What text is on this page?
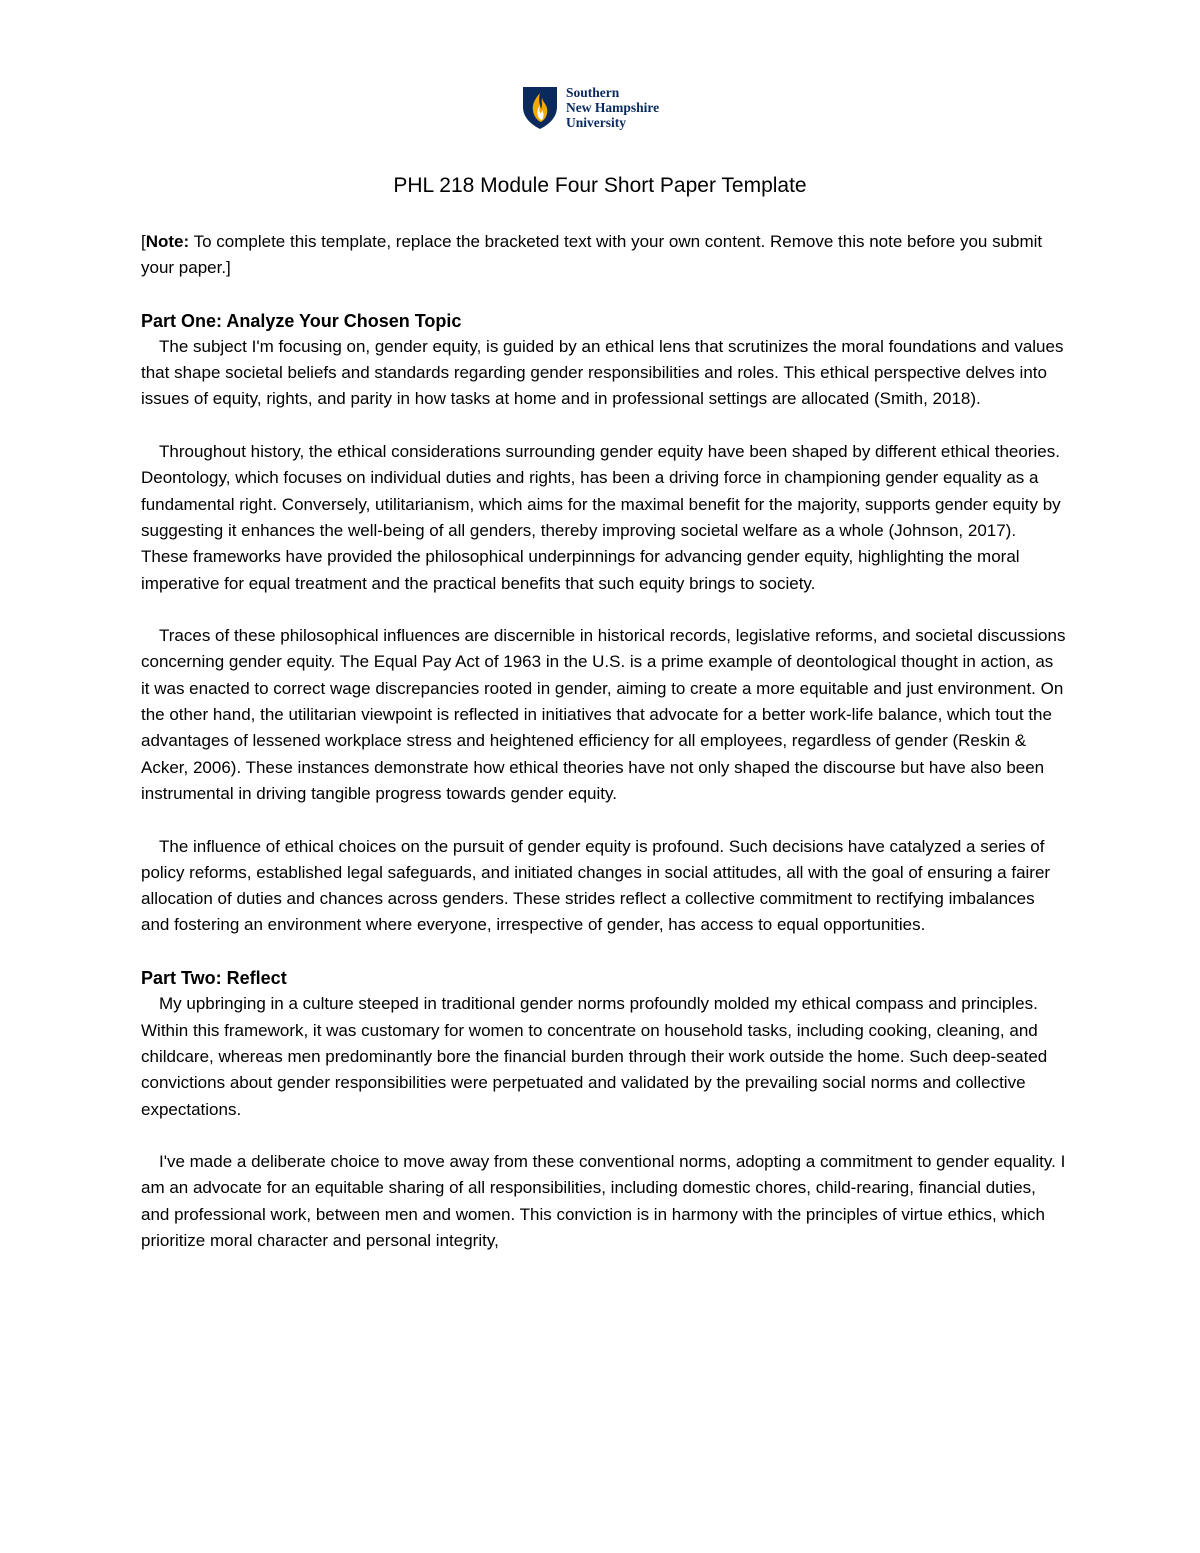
Southern
New Hampshire
University
PHL 218 Module Four Short Paper Template

[Note: To complete this template, replace the bracketed text with your own content. Remove this note before you submit your paper.]

Part One: Analyze Your Chosen Topic

The subject I'm focusing on, gender equity, is guided by an ethical lens that scrutinizes the moral foundations and values that shape societal beliefs and standards regarding gender responsibilities and roles. This ethical perspective delves into issues of equity, rights, and parity in how tasks at home and in professional settings are allocated (Smith, 2018).

Throughout history, the ethical considerations surrounding gender equity have been shaped by different ethical theories. Deontology, which focuses on individual duties and rights, has been a driving force in championing gender equality as a fundamental right. Conversely, utilitarianism, which aims for the maximal benefit for the majority, supports gender equity by suggesting it enhances the well-being of all genders, thereby improving societal welfare as a whole (Johnson, 2017). These frameworks have provided the philosophical underpinnings for advancing gender equity, highlighting the moral imperative for equal treatment and the practical benefits that such equity brings to society.

Traces of these philosophical influences are discernible in historical records, legislative reforms, and societal discussions concerning gender equity. The Equal Pay Act of 1963 in the U.S. is a prime example of deontological thought in action, as it was enacted to correct wage discrepancies rooted in gender, aiming to create a more equitable and just environment. On the other hand, the utilitarian viewpoint is reflected in initiatives that advocate for a better work-life balance, which tout the advantages of lessened workplace stress and heightened efficiency for all employees, regardless of gender (Reskin & Acker, 2006). These instances demonstrate how ethical theories have not only shaped the discourse but have also been instrumental in driving tangible progress towards gender equity.

The influence of ethical choices on the pursuit of gender equity is profound. Such decisions have catalyzed a series of policy reforms, established legal safeguards, and initiated changes in social attitudes, all with the goal of ensuring a fairer allocation of duties and chances across genders. These strides reflect a collective commitment to rectifying imbalances and fostering an environment where everyone, irrespective of gender, has access to equal opportunities.

Part Two: Reflect

My upbringing in a culture steeped in traditional gender norms profoundly molded my ethical compass and principles. Within this framework, it was customary for women to concentrate on household tasks, including cooking, cleaning, and childcare, whereas men predominantly bore the financial burden through their work outside the home. Such deep-seated convictions about gender responsibilities were perpetuated and validated by the prevailing social norms and collective expectations.

I've made a deliberate choice to move away from these conventional norms, adopting a commitment to gender equality. I am an advocate for an equitable sharing of all responsibilities, including domestic chores, child-rearing, financial duties, and professional work, between men and women. This conviction is in harmony with the principles of virtue ethics, which prioritize moral character and personal integrity,
